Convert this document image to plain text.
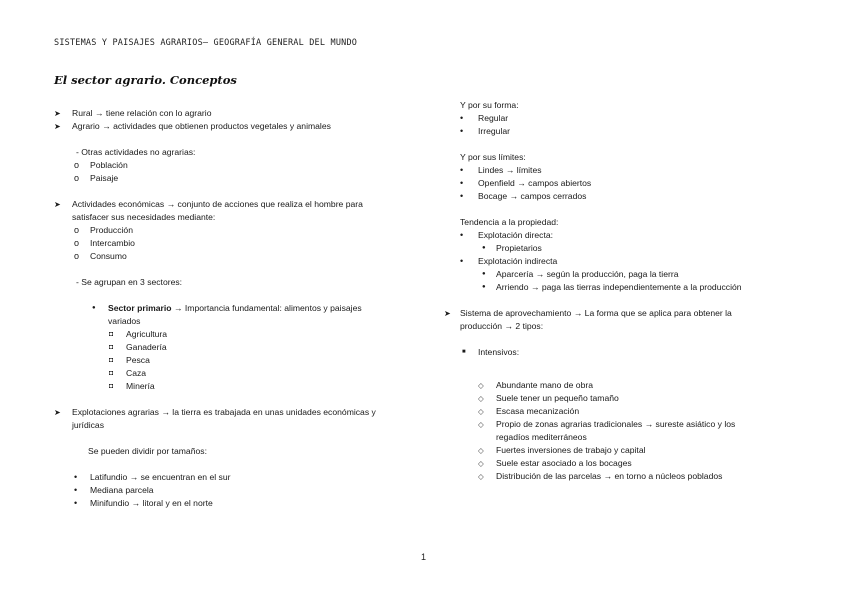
SISTEMAS Y PAISAJES AGRARIOS– GEOGRAFÍA GENERAL DEL MUNDO
El sector agrario. Conceptos
➤ Rural → tiene relación con lo agrario
➤ Agrario → actividades que obtienen productos vegetales y animales
- Otras actividades no agrarias:
o Población
o Paisaje
➤ Actividades económicas → conjunto de acciones que realiza el hombre para
satisfacer sus necesidades mediante:
o Producción
o Intercambio
o Consumo
- Se agrupan en 3 sectores:
● Sector primario → Importancia fundamental: alimentos y paisajes
variados
◘ Agricultura
◘ Ganadería
◘ Pesca
◘ Caza
◘ Minería
➤ Explotaciones agrarias → la tierra es trabajada en unas unidades económicas y
jurídicas
Se pueden dividir por tamaños:
• Latifundio → se encuentran en el sur
• Mediana parcela
• Minifundio → litoral y en el norte
Y por su forma:
• Regular
• Irregular
Y por sus límites:
• Lindes → límites
• Openfield → campos abiertos
• Bocage → campos cerrados
Tendencia a la propiedad:
• Explotación directa:
● Propietarios
• Explotación indirecta
● Aparcería → según la producción, paga la tierra
● Arriendo → paga las tierras independientemente a la producción
➤ Sistema de aprovechamiento → La forma que se aplica para obtener la
producción → 2 tipos:
■ Intensivos:
◇ Abundante mano de obra
◇ Suele tener un pequeño tamaño
◇ Escasa mecanización
◇ Propio de zonas agrarias tradicionales → sureste asiático y los
regadíos mediterráneos
◇ Fuertes inversiones de trabajo y capital
◇ Suele estar asociado a los bocages
◇ Distribución de las parcelas → en torno a núcleos poblados
1
